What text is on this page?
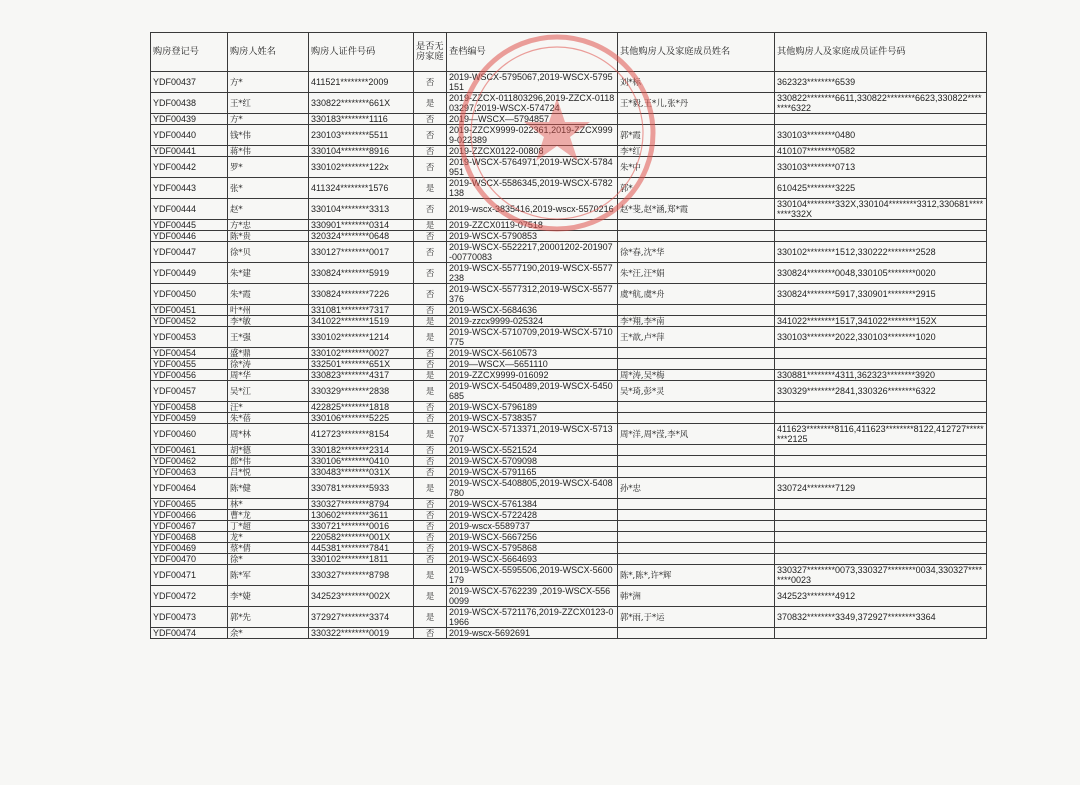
购房登记号	购房人姓名	购房人证件号码	是否无房家庭	查档编号	其他购房人及家庭成员姓名	其他购房人及家庭成员证件号码
YDF00437	方*	411521********2009	否	2019-WSCX-5795067,2019-WSCX-5795151	刘*标	362323********6539
YDF00438	王*红	330822********661X	是	2019-ZZCX-011803296,2019-ZZCX-011803297,2019-WSCX-574724	王*毅,王*儿,张*丹	330822********6611,330822********6623,330822********6322
YDF00439	方*	330183********1116	否	2019—WSCX—5794857		
YDF00440	钱*伟	230103********5511	否	2019-ZZCX9999-022361,2019-ZZCX9999-022389	郭*霞	330103********0480
YDF00441	蒋*伟	330104********8916	否	2019-ZZCX0122-00808	李*红	410107********0582
YDF00442	罗*	330102********122x	否	2019-WSCX-5764971,2019-WSCX-5784951	朱*中	330103********0713
YDF00443	张*	411324********1576	是	2019-WSCX-5586345,2019-WSCX-5782138	郭*	610425********3225
YDF00444	赵*	330104********3313	否	2019-wscx-3835416,2019-wscx-5570216	赵*斐,赵*涵,郑*霞	330104********332X,330104********3312,330681********332X
YDF00445	方*忠	330901********0314	是	2019-ZZCX0119-07518		
YDF00446	陈*贵	320324********0648	否	2019-WSCX-5790853		
YDF00447	徐*贝	330127********0017	否	2019-WSCX-5522217,20001202-201907-00770083	徐*春,沈*华	330102********1512,330222********2528
YDF00449	朱*建	330824********5919	否	2019-WSCX-5577190,2019-WSCX-5577238	朱*汪,汪*娟	330824********0048,330105********0020
YDF00450	朱*霞	330824********7226	否	2019-WSCX-5577312,2019-WSCX-5577376	虞*航,虞*舟	330824********5917,330901********2915
YDF00451	叶*州	331081********7317	否	2019-WSCX-5684636		
YDF00452	李*敏	341022********1519	是	2019-zzcx9999-025324	李*翔,李*南	341022********1517,341022********152X
YDF00453	王*强	330102********1214	是	2019-WSCX-5710709,2019-WSCX-5710775	王*歆,卢*萍	330103********2022,330103********1020
YDF00454	盛*鼎	330102********0027	否	2019-WSCX-5610573		
YDF00455	徐*涛	332501********651X	否	2019—WSCX—5651110		
YDF00456	周*华	330823********4317	是	2019-ZZCX9999-016092	周*涛,吴*梅	330881********4311,362323********3920
YDF00457	吴*江	330329********2838	是	2019-WSCX-5450489,2019-WSCX-5450685	吴*琦,彭*灵	330329********2841,330326********6322
YDF00458	汪*	422825********1818	否	2019-WSCX-5796189		
YDF00459	朱*蓓	330106********5225	否	2019-WSCX-5738357		
YDF00460	周*林	412723********8154	是	2019-WSCX-5713371,2019-WSCX-5713707	周*洋,周*滢,李*风	411623********8116,411623********8122,412727********2125
YDF00461	胡*德	330182********2314	否	2019-WSCX-5521524		
YDF00462	郎*伟	330106********0410	否	2019-WSCX-5709098		
YDF00463	吕*悦	330483********031X	否	2019-WSCX-5791165		
YDF00464	陈*健	330781********5933	是	2019-WSCX-5408805,2019-WSCX-5408780	孙*忠	330724********7129
YDF00465	林*	330327********8794	否	2019-WSCX-5761384		
YDF00466	曹*龙	130602********3611	否	2019-WSCX-5722428		
YDF00467	丁*超	330721********0016	否	2019-wscx-5589737		
YDF00468	龙*	220582********001X	否	2019-WSCX-5667256		
YDF00469	蔡*倩	445381********7841	否	2019-WSCX-5795868		
YDF00470	徐*	330102********1811	否	2019-WSCX-5664693		
YDF00471	陈*军	330327********8798	是	2019-WSCX-5595506,2019-WSCX-5600179	陈*,陈*,许*辉	330327********0073,330327********0034,330327********0023
YDF00472	李*婕	342523********002X	是	2019-WSCX-5762239 ,2019-WSCX-5560099	韩*洲	342523********4912
YDF00473	郭*先	372927********3374	是	2019-WSCX-5721176,2019-ZZCX0123-01966	郭*雨,于*运	370832********3349,372927********3364
YDF00474	余*	330322********0019	否	2019-wscx-5692691		
